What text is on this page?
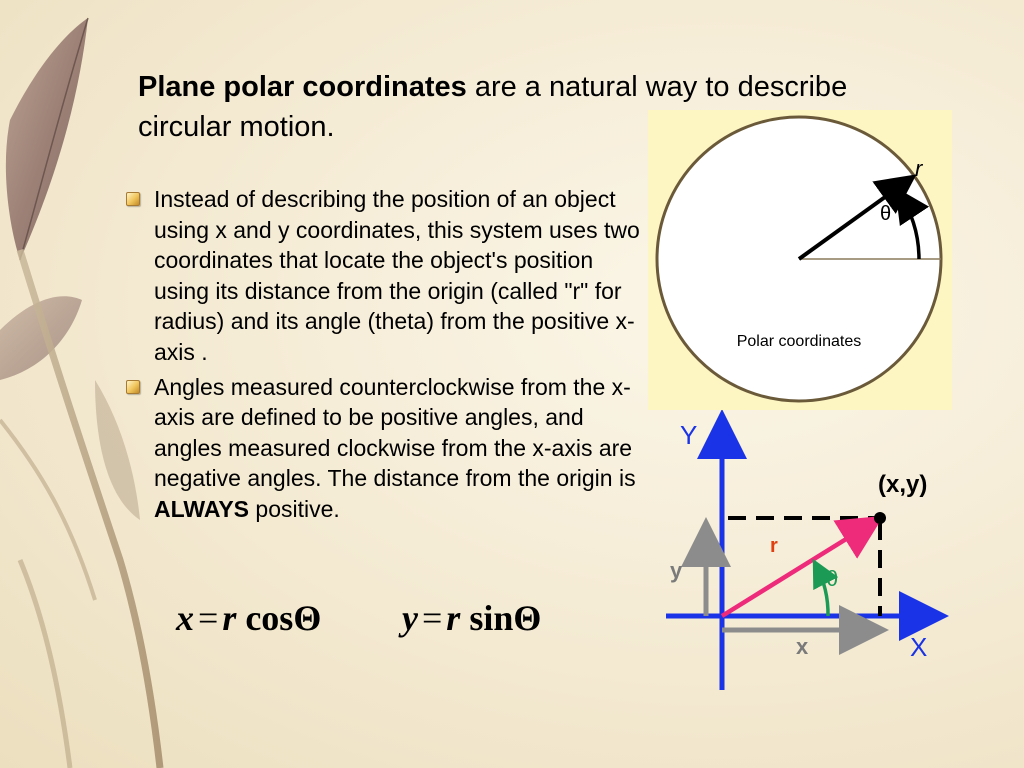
Plane polar coordinates are a natural way to describe circular motion.
Instead of describing the position of an object using x and y coordinates, this system uses two coordinates that locate the object's position using its distance from the origin (called "r" for radius) and its angle (theta) from the positive x-axis .
Angles measured counterclockwise from the x-axis are defined to be positive angles, and angles measured clockwise from the x-axis are negative angles. The distance from the origin is ALWAYS positive.
x = r cosΘ y = r sinΘ
r
θ
Polar coordinates
Y
X
(x,y)
r
θ
y
x
